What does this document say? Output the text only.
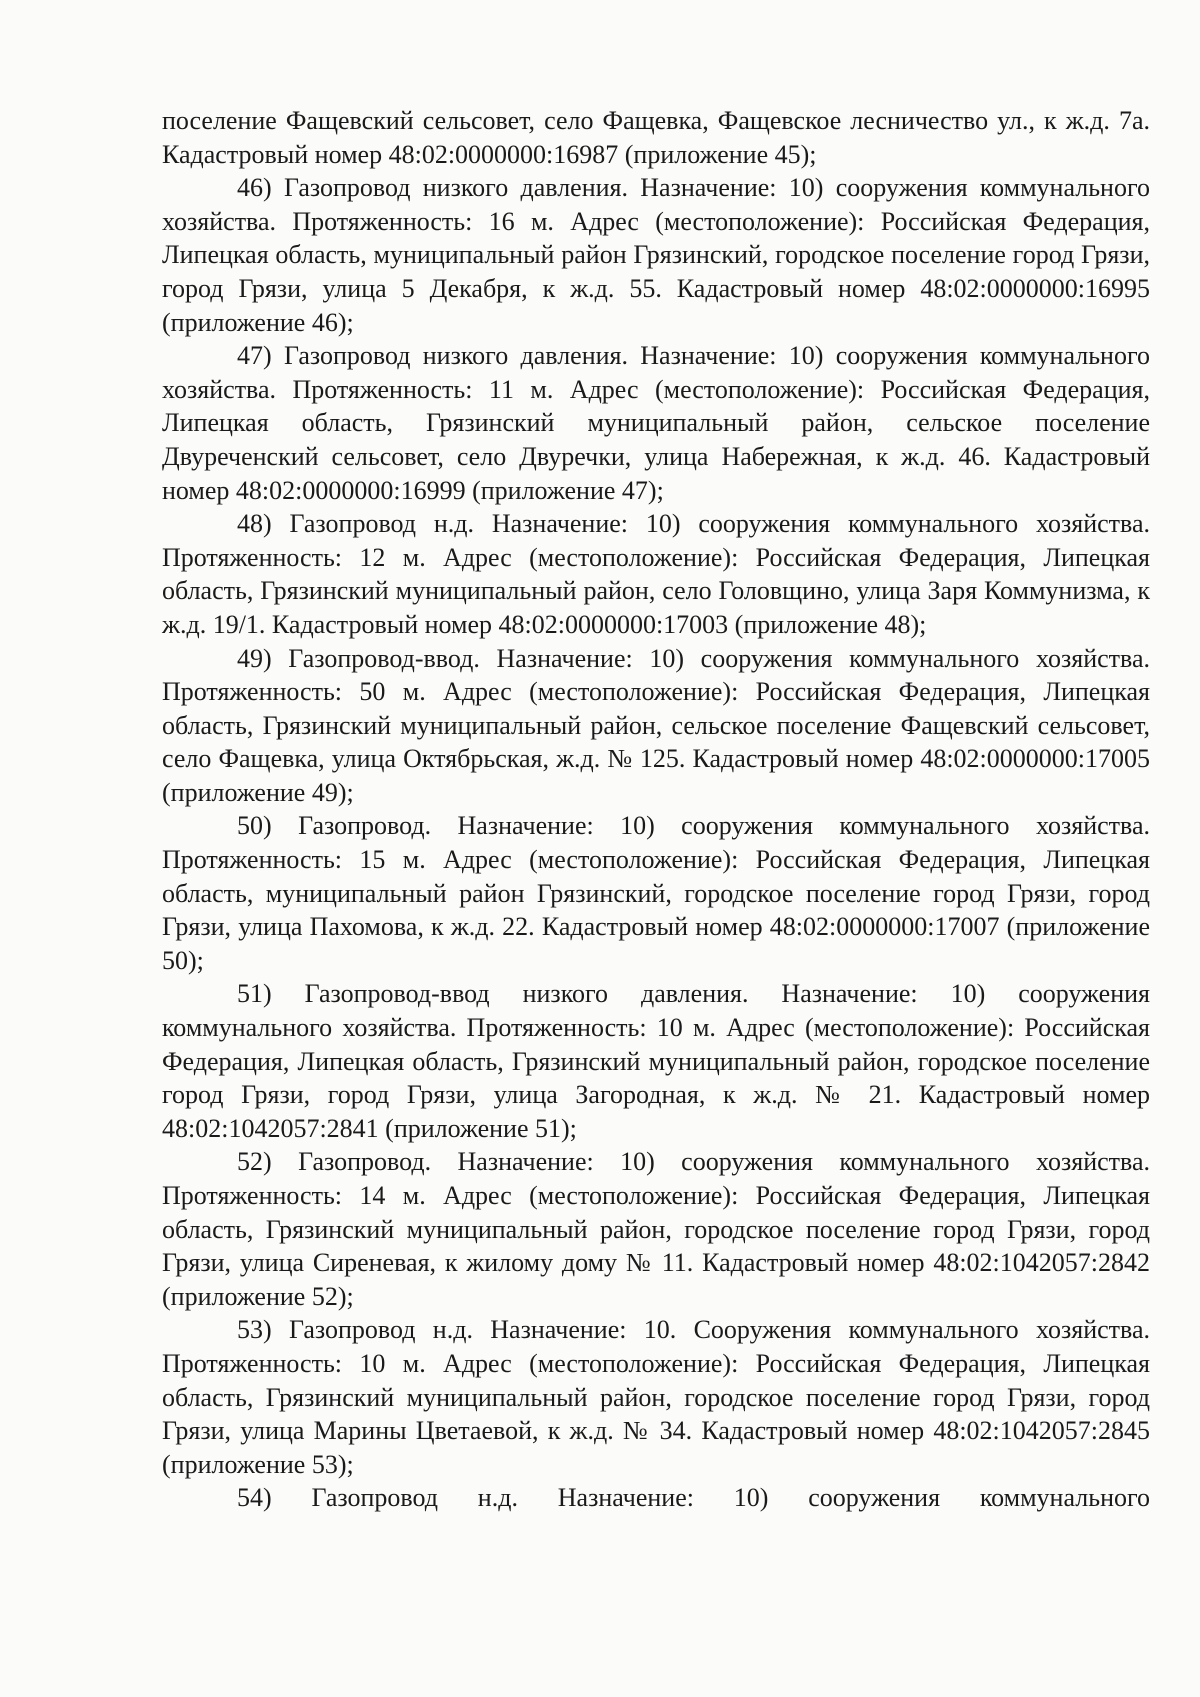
поселение Фащевский сельсовет, село Фащевка, Фащевское лесничество ул., к ж.д. 7а. Кадастровый номер 48:02:0000000:16987 (приложение 45);

46) Газопровод низкого давления. Назначение: 10) сооружения коммунального хозяйства. Протяженность: 16 м. Адрес (местоположение): Российская Федерация, Липецкая область, муниципальный район Грязинский, городское поселение город Грязи, город Грязи, улица 5 Декабря, к ж.д. 55. Кадастровый номер 48:02:0000000:16995 (приложение 46);

47) Газопровод низкого давления. Назначение: 10) сооружения коммунального хозяйства. Протяженность: 11 м. Адрес (местоположение): Российская Федерация, Липецкая область, Грязинский муниципальный район, сельское поселение Двуреченский сельсовет, село Двуречки, улица Набережная, к ж.д. 46. Кадастровый номер 48:02:0000000:16999 (приложение 47);

48) Газопровод н.д. Назначение: 10) сооружения коммунального хозяйства. Протяженность: 12 м. Адрес (местоположение): Российская Федерация, Липецкая область, Грязинский муниципальный район, село Головщино, улица Заря Коммунизма, к ж.д. 19/1. Кадастровый номер 48:02:0000000:17003 (приложение 48);

49) Газопровод-ввод. Назначение: 10) сооружения коммунального хозяйства. Протяженность: 50 м. Адрес (местоположение): Российская Федерация, Липецкая область, Грязинский муниципальный район, сельское поселение Фащевский сельсовет, село Фащевка, улица Октябрьская, ж.д. № 125. Кадастровый номер 48:02:0000000:17005 (приложение 49);

50) Газопровод. Назначение: 10) сооружения коммунального хозяйства. Протяженность: 15 м. Адрес (местоположение): Российская Федерация, Липецкая область, муниципальный район Грязинский, городское поселение город Грязи, город Грязи, улица Пахомова, к ж.д. 22. Кадастровый номер 48:02:0000000:17007 (приложение 50);

51) Газопровод-ввод низкого давления. Назначение: 10) сооружения коммунального хозяйства. Протяженность: 10 м. Адрес (местоположение): Российская Федерация, Липецкая область, Грязинский муниципальный район, городское поселение город Грязи, город Грязи, улица Загородная, к ж.д. № 21. Кадастровый номер 48:02:1042057:2841 (приложение 51);

52) Газопровод. Назначение: 10) сооружения коммунального хозяйства. Протяженность: 14 м. Адрес (местоположение): Российская Федерация, Липецкая область, Грязинский муниципальный район, городское поселение город Грязи, город Грязи, улица Сиреневая, к жилому дому № 11. Кадастровый номер 48:02:1042057:2842 (приложение 52);

53) Газопровод н.д. Назначение: 10. Сооружения коммунального хозяйства. Протяженность: 10 м. Адрес (местоположение): Российская Федерация, Липецкая область, Грязинский муниципальный район, городское поселение город Грязи, город Грязи, улица Марины Цветаевой, к ж.д. № 34. Кадастровый номер 48:02:1042057:2845 (приложение 53);

54) Газопровод н.д. Назначение: 10) сооружения коммунального
